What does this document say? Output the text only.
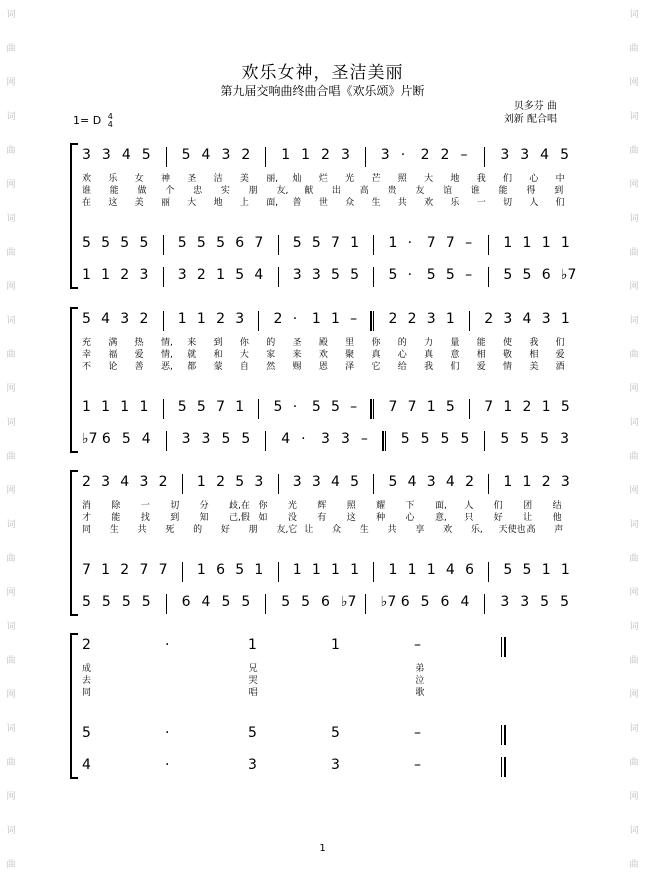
词
曲
网
词
曲
网
词
曲
网
词
曲
网
词
曲
网
词
曲
网
词
曲
网
词
曲
网
词
曲
词
曲
网
词
曲
网
词
曲
网
词
曲
网
词
曲
网
词
曲
网
词
曲
网
词
曲
网
词
曲
欢乐女神，圣洁美丽
第九届交响曲终曲合唱《欢乐颂》片断
贝多芬 曲
刘新 配合唱
1= D 4
4
3 3 4 5 5 4 3 2 1 1 2 3 3 · 2 2 – 3 3 4 5
欢 乐 女 神 圣 洁 美 丽, 灿 烂 光 芒 照 大 地 我 们 心 中
谁 能 做 个 忠 实 朋 友, 献 出 高 贵 友 谊 谁 能 得 到
在 这 美 丽 大 地 上 面, 普 世 众 生 共 欢 乐 一 切 人 们
5 5 5 5 5 5 5 6 7 5 5 7 1 1 · 7 7 – 1 1 1 1
1 1 2 3 3 2 1 5 4 3 3 5 5 5 · 5 5 – 5 5 6 ♭7
5 4 3 2 1 1 2 3 2 · 1 1 – 2 2 3 1 2 3 4 3 1
充 满 热 情, 来 到 你 的 圣 殿 里 你 的 力 量 能 使 我 们
幸 福 爱 情, 就 和 大 家 来 欢 聚 真 心 真 意 相 敬 相 爱
不 论 善 恶, 都 蒙 自 然 赐 恩 泽 它 给 我 们 爱 情 美 酒
1 1 1 1 5 5 7 1 5 · 5 5 – 7 7 1 5 7 1 2 1 5
♭7 6 5 4 3 3 5 5 4 · 3 3 – 5 5 5 5 5 5 5 3
2 3 4 3 2 1 2 5 3 3 3 4 5 5 4 3 4 2 1 1 2 3
消 除 一 切 分 歧,在 你 光 辉 照 耀 下 面, 人 们 团 结
才 能 找 到 知 己,假 如 没 有 这 种 心 意, 只 好 让 他
同 生 共 死 的 好 朋 友,它 让 众 生 共 享 欢 乐, 天使也 高 声
7 1 2 7 7 1 6 5 1 1 1 1 1 1 1 1 4 6 5 5 1 1
5 5 5 5 6 4 5 5 5 5 6 ♭7 ♭7 6 5 6 4 3 3 5 5
2	·	1	1	–
成	兄	弟
去	哭	泣
同	唱	歌
5	·	5	5	–
4	·	3	3	–
1
